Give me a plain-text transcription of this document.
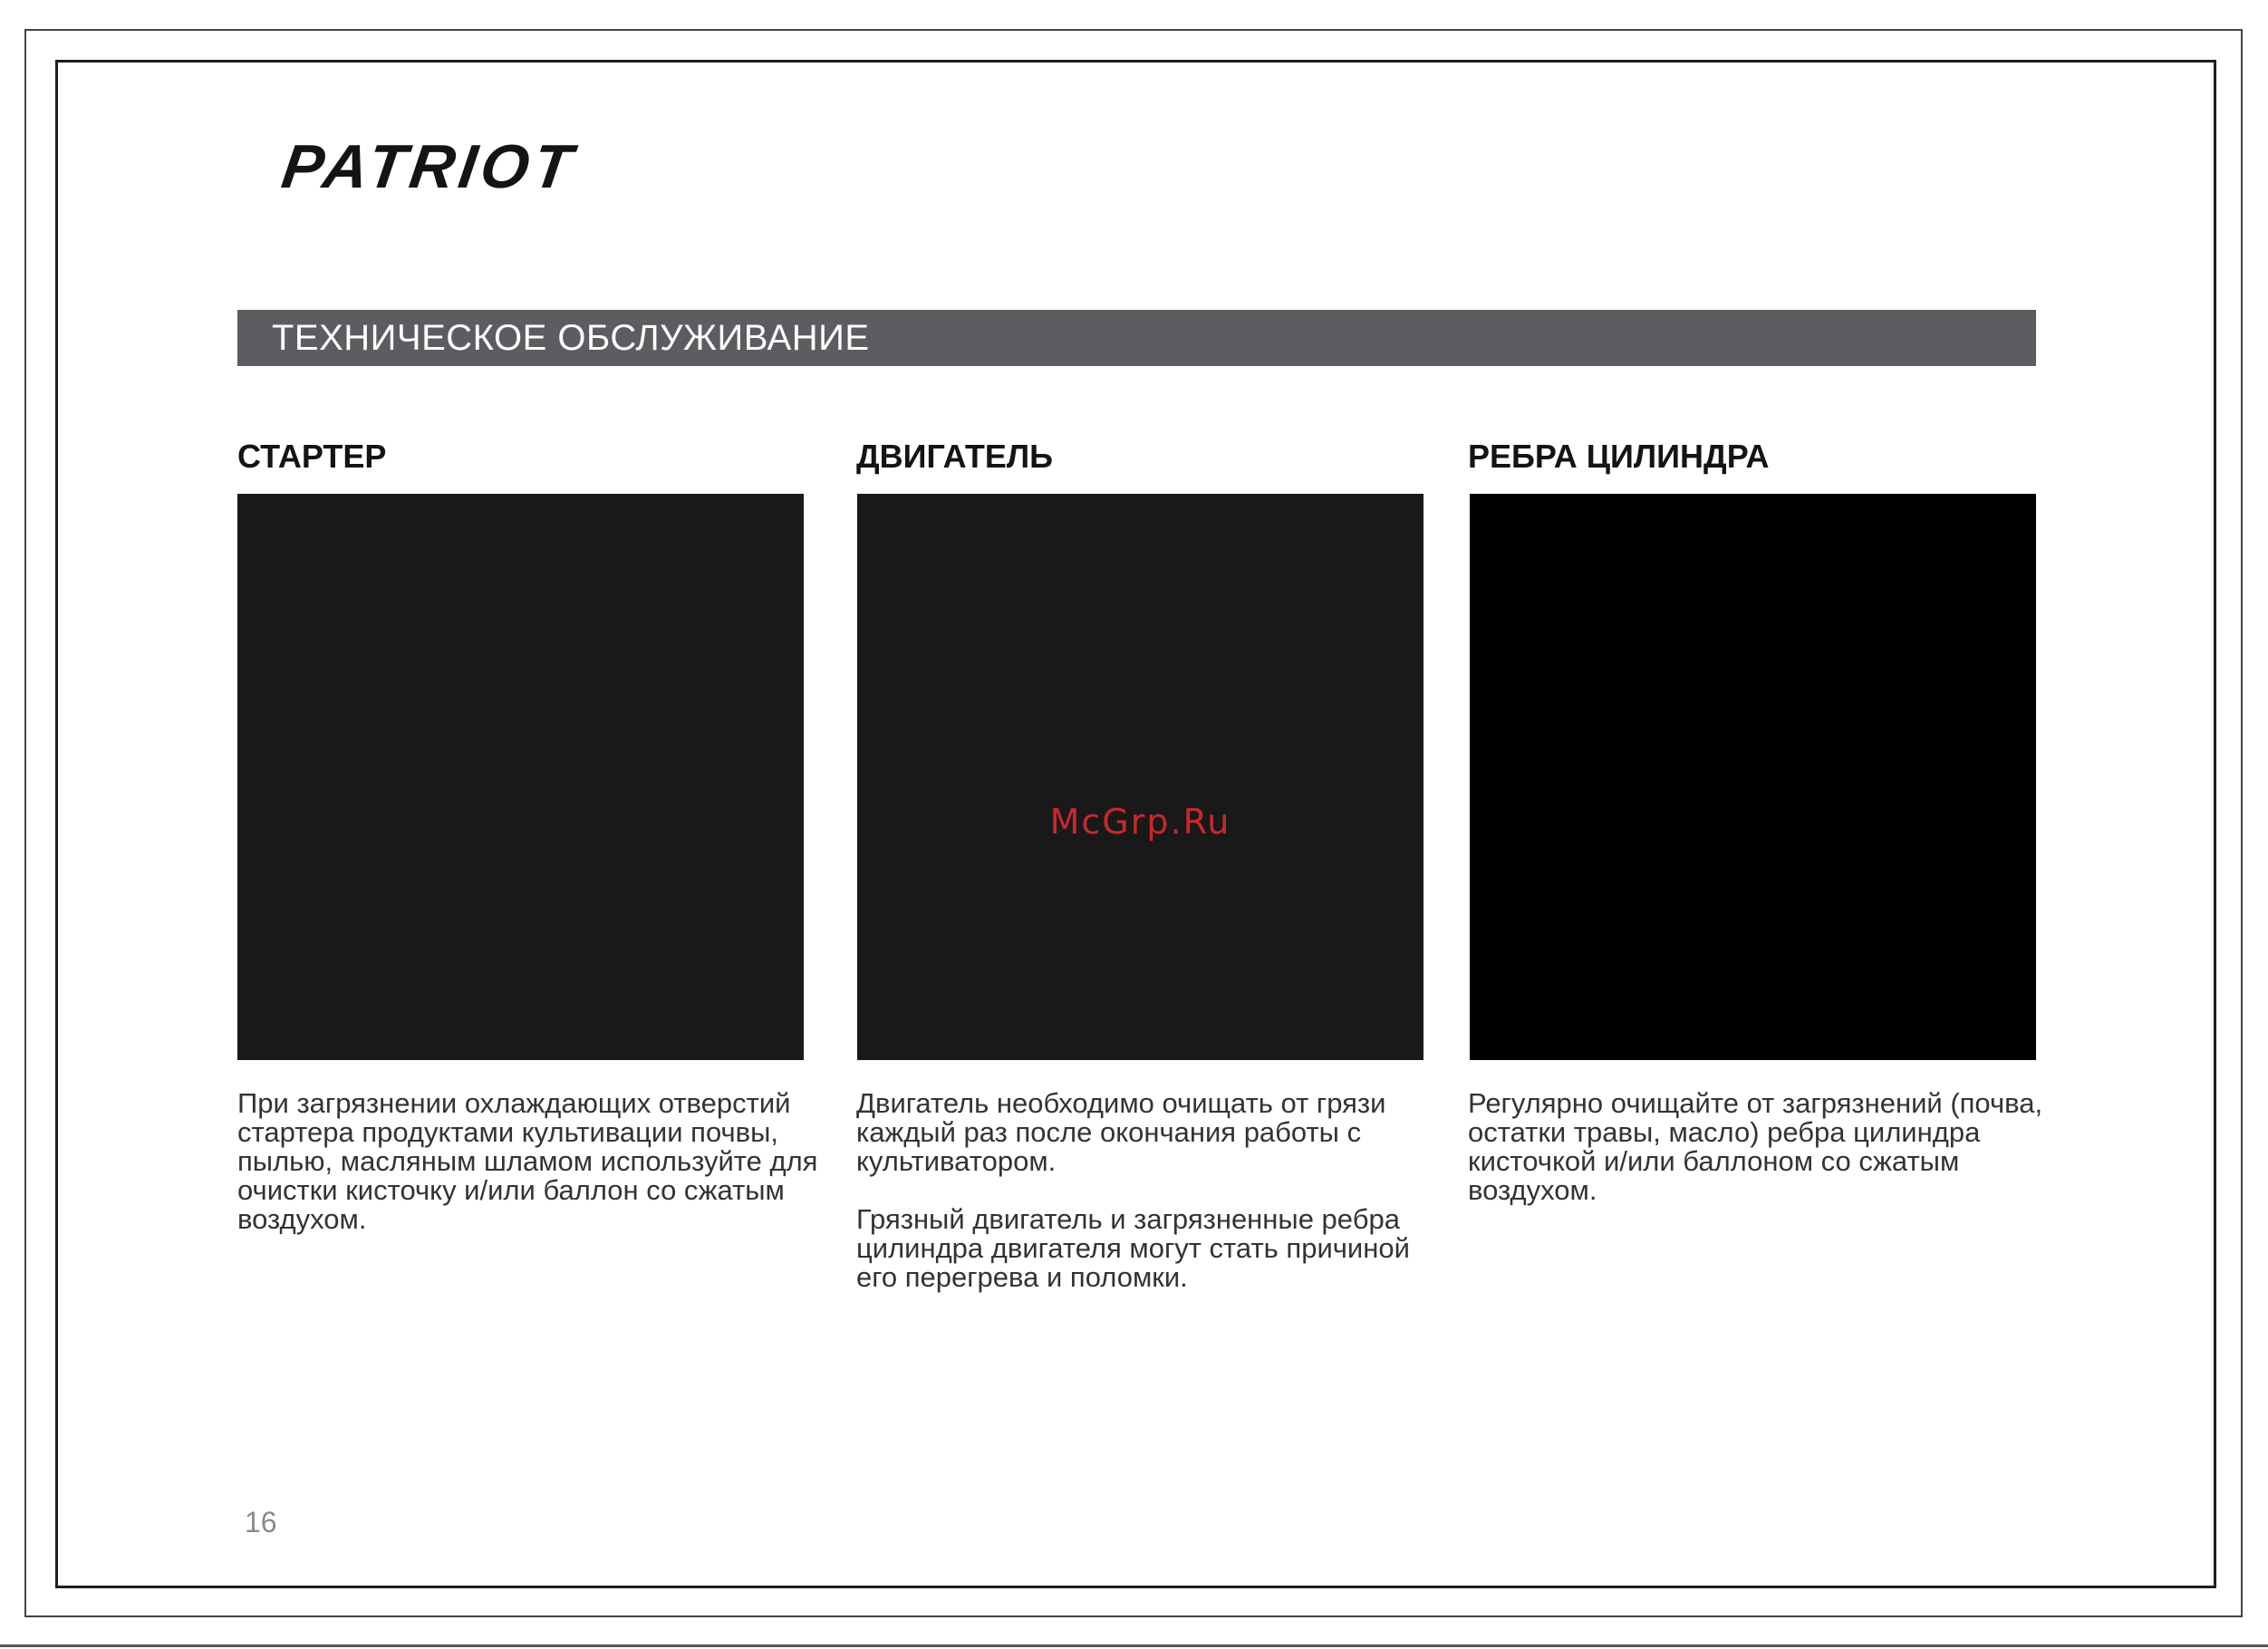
PATRIOT
ТЕХНИЧЕСКОЕ ОБСЛУЖИВАНИЕ
СТАРТЕР

При загрязнении охлаждающих отверстий стартера продуктами культивации почвы, пылью, масляным шламом используйте для очистки кисточку и/или баллон со сжатым воздухом.

ДВИГАТЕЛЬ
McGrp.Ru

Двигатель необходимо очищать от грязи каждый раз после окончания работы с культиватором.

Грязный двигатель и загрязненные ребра цилиндра двигателя могут стать причиной его перегрева и поломки.

РЕБРА ЦИЛИНДРА

Регулярно очищайте от загрязнений (почва, остатки травы, масло) ребра цилиндра кисточкой и/или баллоном со сжатым воздухом.

16
